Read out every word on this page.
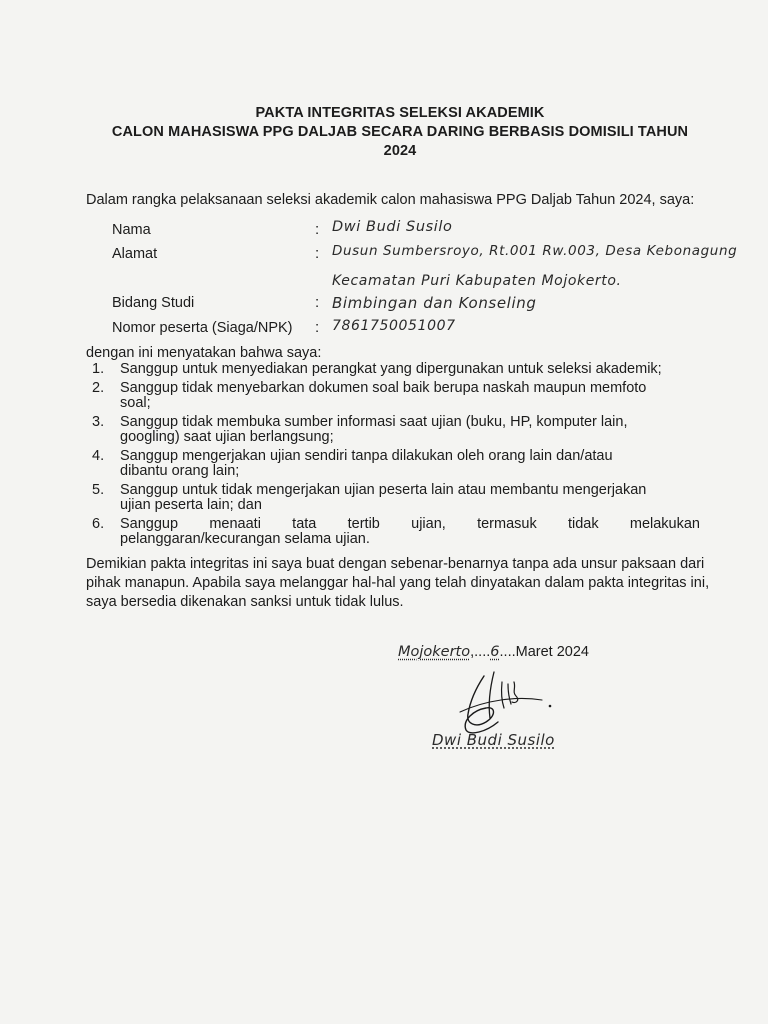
PAKTA INTEGRITAS SELEKSI AKADEMIK
CALON MAHASISWA PPG DALJAB SECARA DARING BERBASIS DOMISILI TAHUN
2024
Dalam rangka pelaksanaan seleksi akademik calon mahasiswa PPG Daljab Tahun 2024, saya:
Nama	: Dwi Budi Susilo
Alamat	: Dusun Sumbersroyo, Rt.001 Rw.003, Desa Kebonagung
Kecamatan Puri Kabupaten Mojokerto.
Bidang Studi	: Bimbingan dan Konseling
Nomor peserta (Siaga/NPK) : 7861750051007
dengan ini menyatakan bahwa saya:
1. Sanggup untuk menyediakan perangkat yang dipergunakan untuk seleksi akademik;
2. Sanggup tidak menyebarkan dokumen soal baik berupa naskah maupun memfoto
soal;
3. Sanggup tidak membuka sumber informasi saat ujian (buku, HP, komputer lain,
googling) saat ujian berlangsung;
4. Sanggup mengerjakan ujian sendiri tanpa dilakukan oleh orang lain dan/atau
dibantu orang lain;
5. Sanggup untuk tidak mengerjakan ujian peserta lain atau membantu mengerjakan
ujian peserta lain; dan
6. Sanggup menaati tata tertib ujian, termasuk tidak melakukan
pelanggaran/kecurangan selama ujian.
Demikian pakta integritas ini saya buat dengan sebenar-benarnya tanpa ada unsur paksaan dari pihak manapun. Apabila saya melanggar hal-hal yang telah dinyatakan dalam pakta integritas ini, saya bersedia dikenakan sanksi untuk tidak lulus.
Mojokerto,....6....Maret 2024
Dwi Budi Susilo
